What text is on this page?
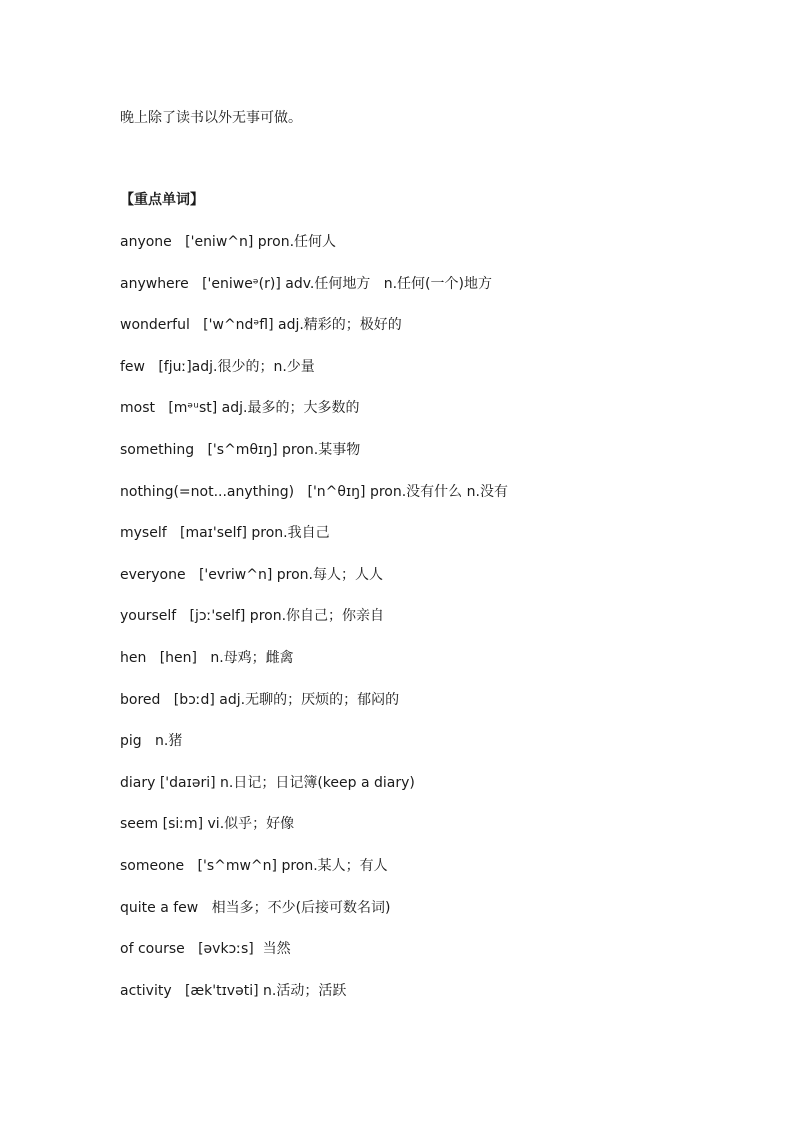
晚上除了读书以外无事可做。
【重点单词】
anyone   ['eniw^n] pron.任何人
anywhere   ['eniweᵊ(r)] adv.任何地方   n.任何(一个)地方
wonderful   ['w^ndᵊfl] adj.精彩的；极好的
few   [fjuː]adj.很少的；n.少量
most   [mᵊᵘst] adj.最多的；大多数的
something   ['s^mθɪŋ] pron.某事物
nothing(=not...anything)   ['n^θɪŋ] pron.没有什么 n.没有
myself   [maɪ'self] pron.我自己
everyone   ['evriw^n] pron.每人；人人
yourself   [jɔː'self] pron.你自己；你亲自
hen   [hen]   n.母鸡；雌禽
bored   [bɔːd] adj.无聊的；厌烦的；郁闷的
pig   n.猪
diary ['daɪəri] n.日记；日记簿(keep a diary)
seem [siːm] vi.似乎；好像
someone   ['s^mw^n] pron.某人；有人
quite a few   相当多；不少(后接可数名词)
of course   [əvkɔːs]  当然
activity   [æk'tɪvəti] n.活动；活跃
